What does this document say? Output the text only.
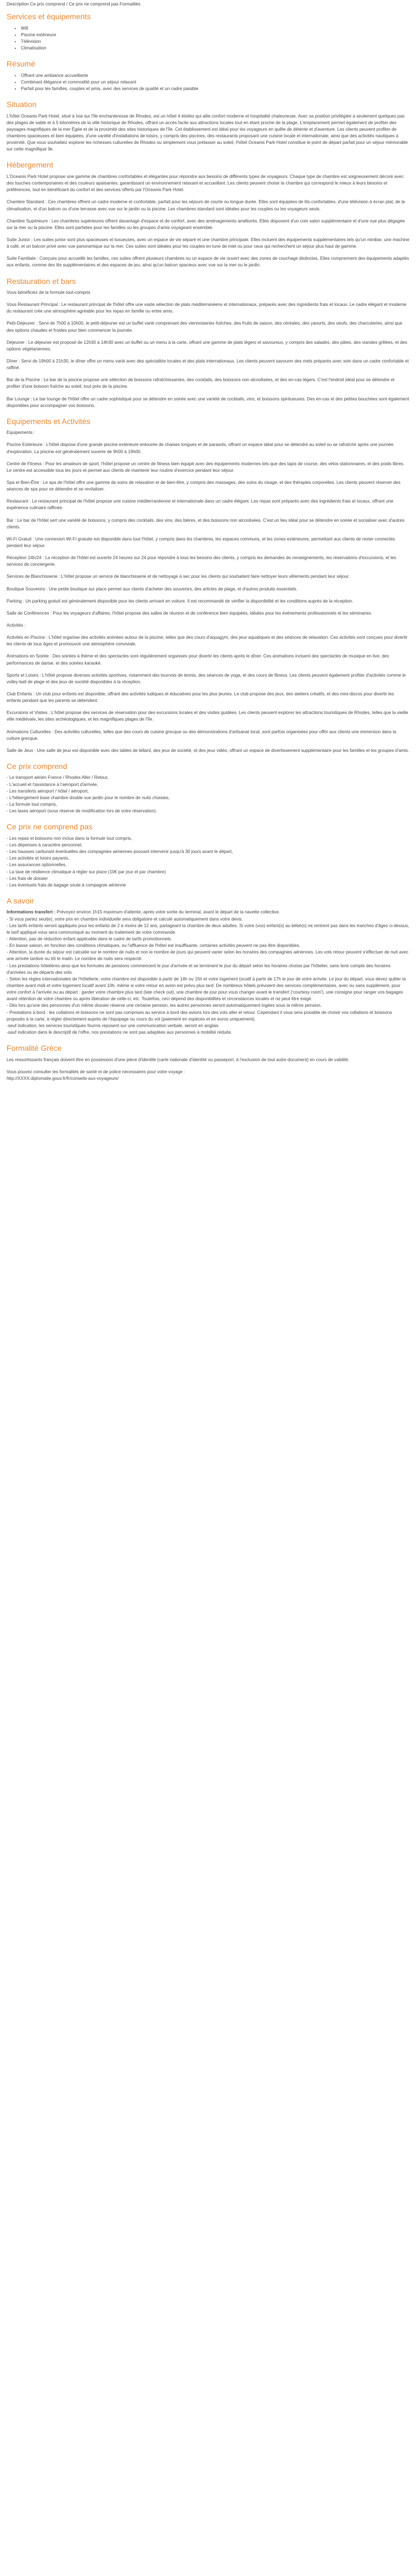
Description Ce prix comprend / Ce prix ne comprend pas Formalités

Services et équipements
• Wifi
• Piscine extérieure
• Télévision
• Climatisation
Résumé
• Offrant une ambiance accueillante
• Combinant élégance et commodité pour un séjour relaxant
• Parfait pour les familles, couples et amis, avec des services de qualité et un cadre paisible
Situation

L'hôtel Oceanis Park Hotel, situé à Ixia sur l'île enchanteresse de Rhodes, est un hôtel 4 étoiles qui allie confort moderne et hospitalité chaleureuse. Avec sa position privilégiée à seulement quelques pas des plages de sable et à 5 kilomètres de la ville historique de Rhodes, offrant un accès facile aux attractions locales tout en étant proche de la plage. L'emplacement permet également de profiter des paysages magnifiques de la mer Égée et de la proximité des sites historiques de l'île. Cet établissement est idéal pour les voyageurs en quête de détente et d'aventure. Les clients peuvent profiter de chambres spacieuses et bien équipées, d'une variété d'installations de loisirs, y compris des piscines, des restaurants proposant une cuisine locale et internationale, ainsi que des activités nautiques à proximité. Que vous souhaitiez explorer les richesses culturelles de Rhodes ou simplement vous prélasser au soleil, l'hôtel Oceanis Park Hotel constitue le point de départ parfait pour un séjour mémorable sur cette magnifique île.

Hébergement

L'Oceanis Park Hotel propose une gamme de chambres confortables et élégantes pour répondre aux besoins de différents types de voyageurs. Chaque type de chambre est soigneusement décoré avec des touches contemporaines et des couleurs apaisantes, garantissant un environnement relaxant et accueillant. Les clients peuvent choisir la chambre qui correspond le mieux à leurs besoins et préférences, tout en bénéficiant du confort et des services offerts par l'Oceanis Park Hotel.

Chambre Standard : Ces chambres offrent un cadre moderne et confortable, parfait pour les séjours de courte ou longue durée. Elles sont équipées de lits confortables, d'une télévision à écran plat, de la climatisation, et d'un balcon ou d'une terrasse avec vue sur le jardin ou la piscine. Les chambres standard sont idéales pour les couples ou les voyageurs seuls.

Chambre Supérieure : Les chambres supérieures offrent davantage d'espace et de confort, avec des aménagements améliorés. Elles disposent d'un coin salon supplémentaire et d'une vue plus dégagée sur la mer ou la piscine. Elles sont parfaites pour les familles ou les groupes d'amis voyageant ensemble.

Suite Junior : Les suites junior sont plus spacieuses et luxueuses, avec un espace de vie séparé et une chambre principale. Elles incluent des équipements supplémentaires tels qu'un minibar, une machine à café, et un balcon privé avec vue panoramique sur la mer. Ces suites sont idéales pour les couples en lune de miel ou pour ceux qui recherchent un séjour plus haut de gamme.

Suite Familiale : Conçues pour accueillir les familles, ces suites offrent plusieurs chambres ou un espace de vie ouvert avec des zones de couchage distinctes. Elles comprennent des équipements adaptés aux enfants, comme des lits supplémentaires et des espaces de jeu, ainsi qu'un balcon spacieux avec vue sur la mer ou le jardin.

Restauration et bars

Vous bénéficiez de la formule tout-compris

Vous Restaurant Principal : Le restaurant principal de l'hôtel offre une vaste sélection de plats méditerranéens et internationaux, préparés avec des ingrédients frais et locaux. Le cadre élégant et moderne du restaurant crée une atmosphère agréable pour les repas en famille ou entre amis.

Petit-Déjeuner : Servi de 7h00 à 10h00, le petit-déjeuner est un buffet varié comprenant des viennoiseries fraîches, des fruits de saison, des céréales, des yaourts, des oeufs, des charcuteries, ainsi que des options chaudes et froides pour bien commencer la journée.

Déjeuner : Le déjeuner est proposé de 12h30 à 14h30 avec un buffet ou un menu à la carte, offrant une gamme de plats légers et savoureux, y compris des salades, des pâtes, des viandes grillées, et des options végétariennes.

Dîner : Servi de 19h00 à 21h30, le dîner offre un menu varié avec des spécialités locales et des plats internationaux. Les clients peuvent savourer des mets préparés avec soin dans un cadre confortable et raffiné.

Bar de la Piscine : Le bar de la piscine propose une sélection de boissons rafraîchissantes, des cocktails, des boissons non alcoolisées, et des en-cas légers. C'est l'endroit idéal pour se détendre et profiter d'une boisson fraîche au soleil, tout près de la piscine.

Bar Lounge : Le bar lounge de l'hôtel offre un cadre sophistiqué pour se détendre en soirée avec une variété de cocktails, vins, et boissons spiritueuses. Des en-cas et des petites bouchées sont également disponibles pour accompagner vos boissons.

Equipements et Activités

Equipements :

Piscine Extérieure : L'hôtel dispose d'une grande piscine extérieure entourée de chaises longues et de parasols, offrant un espace idéal pour se détendre au soleil ou se rafraîchir après une journée d'exploration. La piscine est généralement ouverte de 9h00 à 19h00.

Centre de Fitness : Pour les amateurs de sport, l'hôtel propose un centre de fitness bien équipé avec des équipements modernes tels que des tapis de course, des vélos stationnaires, et des poids libres. Le centre est accessible tous les jours et permet aux clients de maintenir leur routine d'exercice pendant leur séjour.

Spa et Bien-Être : Le spa de l'hôtel offre une gamme de soins de relaxation et de bien-être, y compris des massages, des soins du visage, et des thérapies corporelles. Les clients peuvent réserver des séances de spa pour se détendre et se revitaliser.

Restaurant : Le restaurant principal de l'hôtel propose une cuisine méditerranéenne et internationale dans un cadre élégant. Les repas sont préparés avec des ingrédients frais et locaux, offrant une expérience culinaire raffinée.

Bar : Le bar de l'hôtel sert une variété de boissons, y compris des cocktails, des vins, des bières, et des boissons non alcoolisées. C'est un lieu idéal pour se détendre en soirée et socialiser avec d'autres clients.

Wi-Fi Gratuit : Une connexion Wi-Fi gratuite est disponible dans tout l'hôtel, y compris dans les chambres, les espaces communs, et les zones extérieures, permettant aux clients de rester connectés pendant leur séjour.

Réception 24h/24 : La réception de l'hôtel est ouverte 24 heures sur 24 pour répondre à tous les besoins des clients, y compris les demandes de renseignements, les réservations d'excursions, et les services de conciergerie.

Services de Blanchisserie : L'hôtel propose un service de blanchisserie et de nettoyage à sec pour les clients qui souhaitent faire nettoyer leurs vêtements pendant leur séjour.

Boutique Souvenirs : Une petite boutique sur place permet aux clients d'acheter des souvenirs, des articles de plage, et d'autres produits essentiels.

Parking : Un parking gratuit est généralement disponible pour les clients arrivant en voiture. Il est recommandé de vérifier la disponibilité et les conditions auprès de la réception.

Salle de Conférences : Pour les voyageurs d'affaires, l'hôtel propose des salles de réunion et de conférence bien équipées, idéales pour les événements professionnels et les séminaires.

Activités :

Activités en Piscine : L'hôtel organise des activités animées autour de la piscine, telles que des cours d'aquagym, des jeux aquatiques et des séances de relaxation. Ces activités sont conçues pour divertir les clients de tous âges et promouvoir une atmosphère conviviale.

Animations en Soirée : Des soirées à thème et des spectacles sont régulièrement organisés pour divertir les clients après le dîner. Ces animations incluent des spectacles de musique en live, des performances de danse, et des soirées karaoké.

Sports et Loisirs : L'hôtel propose diverses activités sportives, notamment des tournois de tennis, des séances de yoga, et des cours de fitness. Les clients peuvent également profiter d'activités comme le volley-ball de plage et des jeux de société disponibles à la réception.

Club Enfants : Un club pour enfants est disponible, offrant des activités ludiques et éducatives pour les plus jeunes. Le club propose des jeux, des ateliers créatifs, et des mini-discos pour divertir les enfants pendant que les parents se détendent.

Excursions et Visites : L'hôtel propose des services de réservation pour des excursions locales et des visites guidées. Les clients peuvent explorer les attractions touristiques de Rhodes, telles que la vieille ville médiévale, les sites archéologiques, et les magnifiques plages de l'île.

Animations Culturelles : Des activités culturelles, telles que des cours de cuisine grecque ou des démonstrations d'artisanat local, sont parfois organisées pour offrir aux clients une immersion dans la culture grecque.

Salle de Jeux : Une salle de jeux est disponible avec des tables de billard, des jeux de société, et des jeux vidéo, offrant un espace de divertissement supplémentaire pour les familles et les groupes d'amis.

Ce prix comprend
- Le transport aérien France / Rhodes Aller / Retour,
- L'accueil et l'assistance à l'aéroport d'arrivée,
- Les transferts aéroport / hôtel / aéroport,
- L'hébergement base chambre double vue jardin pour le nombre de nuits choisies,
- La formule tout compris,
- Les taxes aéroport (sous réserve de modification lors de votre réservation).
Ce prix ne comprend pas
- Les repas et boissons non inclus dans la formule tout compris,
- Les dépenses à caractère personnel,
- Les hausses carburant éventuelles des compagnies aériennes pouvant intervenir jusqu'à 30 jours avant le départ,
- Les activités et loisirs payants,
- Les assurances optionnelles,
- La taxe de résilience climatique à régler sur place (10€ par jour et par chambre)
- Les frais de dossier
- Les éventuels frais de bagage soute à compagnie aérienne
A savoir
Informations transfert : Prévoyez environ 1h15 maximum d'attente, après votre sortie du terminal, avant le départ de la navette collective.
- Si vous partez seul(e), votre prix en chambre individuelle sera obligatoire et calculé automatiquement dans votre devis.
- Les tarifs enfants seront appliqués pour les enfants de 2 à moins de 12 ans, partageant la chambre de deux adultes. Si votre (vos) enfant(s) au bébé(s) ne rentrent pas dans les tranches d'âges ci-dessus, le tarif appliqué vous sera communiqué au moment du traitement de votre commande.
- Attention, pas de réduction enfant applicable dans le cadre de tarifs promotionnels.
- En basse saison, en fonction des conditions climatiques, ou l'affluence de l'hôtel est insuffisante, certaines activités peuvent ne pas être disponibles.
- Attention, la durée du séjour est calculée sur le nombre de nuits et non le nombre de jours qui peuvent varier selon les horaires des compagnies aériennes. Les vols retour peuvent s'effectuer de nuit avec une arrivée tardive ou tôt le matin. Le nombre de nuits sera respecté.
- Les prestations hôtelières ainsi que les formules de pensions commencent le jour d'arrivée et se terminent le jour du départ selon les horaires choisis par l'hôtelier, sans tenir compte des horaires d'arrivées ou de départs des vols.
- Selon les règles internationales de l'hôtellerie, votre chambre est disponible à partir de 14h ou 15h et votre logement (ocatif à partir de 17h le jour de votre arrivée. Le jour du départ, vous devez quitter la chambre avant midi et votre logement locatif avant 10h, même si votre retour en avion est prévu plus tard. De nombreux hôtels prévoient des services complémentaires, avec ou sans supplément, pour votre confort à l'arrivée ou au départ : garder votre chambre plus tard (late check out), une chambre de jour pour vous changer avant le transfert ('courtesy room'), une consigne pour ranger vos bagages avant rétention de votre chambre ou après libération de celle-ci, etc. Toutefois, ceci dépend des disponibilités et circonstances locales et ne peut être exigé.
- Dès lors qu'une des personnes d'un même dossier réserve une certaine pension, les autres personnes seront automatiquement logées sous la même pension.
- Prestations à bord : les collations et boissons ne sont pas comprises au service à bord des avions lors des vols aller et retour. Cependant il vous sera possible de choisir vos collations et boissons proposés à la carte, à régler directement auprès de l'équipage ou cours du vol (paiement en espèces et en euros uniquement).
-seuf indication, les services touristiques fournis reposent sur une communication verbale, seront en anglais
-sauf indication dans le descriptif de l'offre, nos prestations ne sont pas adaptées aux personnes à mobilité réduite.
Formalité Grèce

Les ressortissants français doivent être en possession d'une pièce d'identité (carte nationale d'identité ou passeport, à l'exclusion de tout autre document) en cours de validité.

Vous pouvez consulter les formalités de santé et de police nécessaires pour votre voyage :
http://XXXX.diplomatie.gouv.fr/fr/conseils-aux-voyageurs/
